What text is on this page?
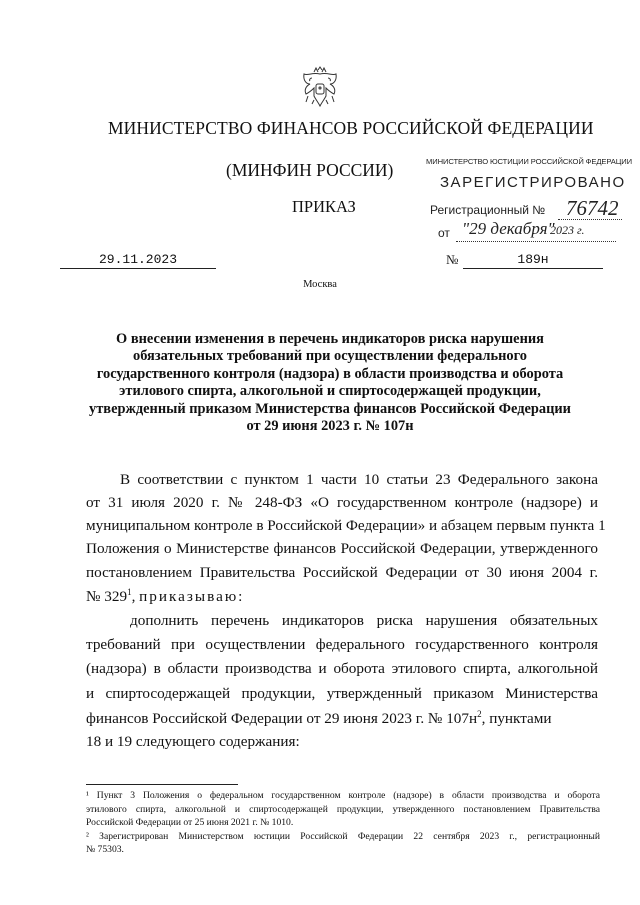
МИНИСТЕРСТВО ФИНАНСОВ РОССИЙСКОЙ ФЕДЕРАЦИИ
(МИНФИН РОССИИ)
ПРИКАЗ
МИНИСТЕРСТВО ЮСТИЦИИ РОССИЙСКОЙ ФЕДЕРАЦИИ
ЗАРЕГИСТРИРОВАНО
Регистрационный № 76742
от "29 декабря"
2023 г.
29.11.2023	№	189н
Москва
О внесении изменения в перечень индикаторов риска нарушения
обязательных требований при осуществлении федерального
государственного контроля (надзора) в области производства и оборота
этилового спирта, алкогольной и спиртосодержащей продукции,
утвержденный приказом Министерства финансов Российской Федерации
от 29 июня 2023 г. № 107н
В соответствии с пунктом 1 части 10 статьи 23 Федерального закона
от 31 июля 2020 г. № 248-ФЗ «О государственном контроле (надзоре) и
муниципальном контроле в Российской Федерации» и абзацем первым пункта 1
Положения о Министерстве финансов Российской Федерации, утвержденного
постановлением Правительства Российской Федерации от 30 июня 2004 г.
№ $329^1$, приказываю:
дополнить перечень индикаторов риска нарушения обязательных
требований при осуществлении федерального государственного контроля
(надзора) в области производства и оборота этилового спирта, алкогольной
и спиртосодержащей продукции, утвержденный приказом Министерства
финансов Российской Федерации от 29 июня 2023 г. № $107н^2$, пунктами
18 и 19 следующего содержания:
¹ Пункт 3 Положения о федеральном государственном контроле (надзоре) в области производства и оборота
этилового спирта, алкогольной и спиртосодержащей продукции, утвержденного постановлением Правительства
Российской Федерации от 25 июня 2021 г. № 1010.
² Зарегистрирован Министерством юстиции Российской Федерации 22 сентября 2023 г., регистрационный
№ 75303.
